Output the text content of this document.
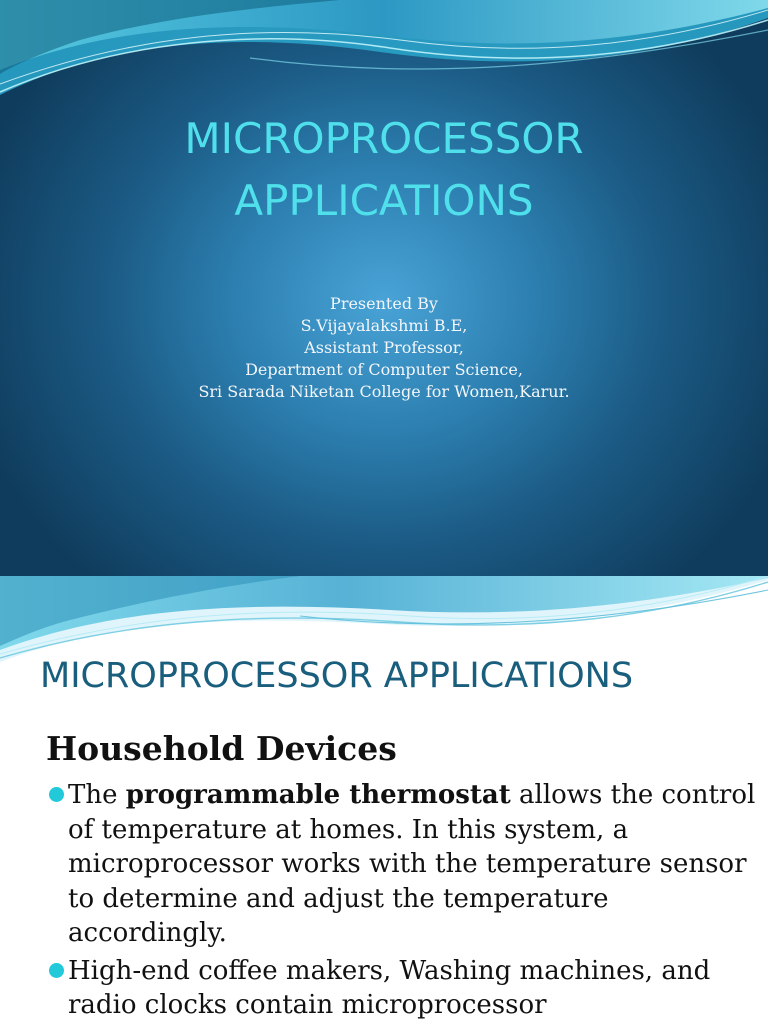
MICROPROCESSOR
APPLICATIONS
Presented By
S.Vijayalakshmi B.E,
Assistant Professor,
Department of Computer Science,
Sri Sarada Niketan College for Women,Karur.
MICROPROCESSOR APPLICATIONS
Household Devices
The programmable thermostat allows the control of temperature at homes. In this system, a microprocessor works with the temperature sensor to determine and adjust the temperature accordingly.
High-end coffee makers, Washing machines, and radio clocks contain microprocessor
